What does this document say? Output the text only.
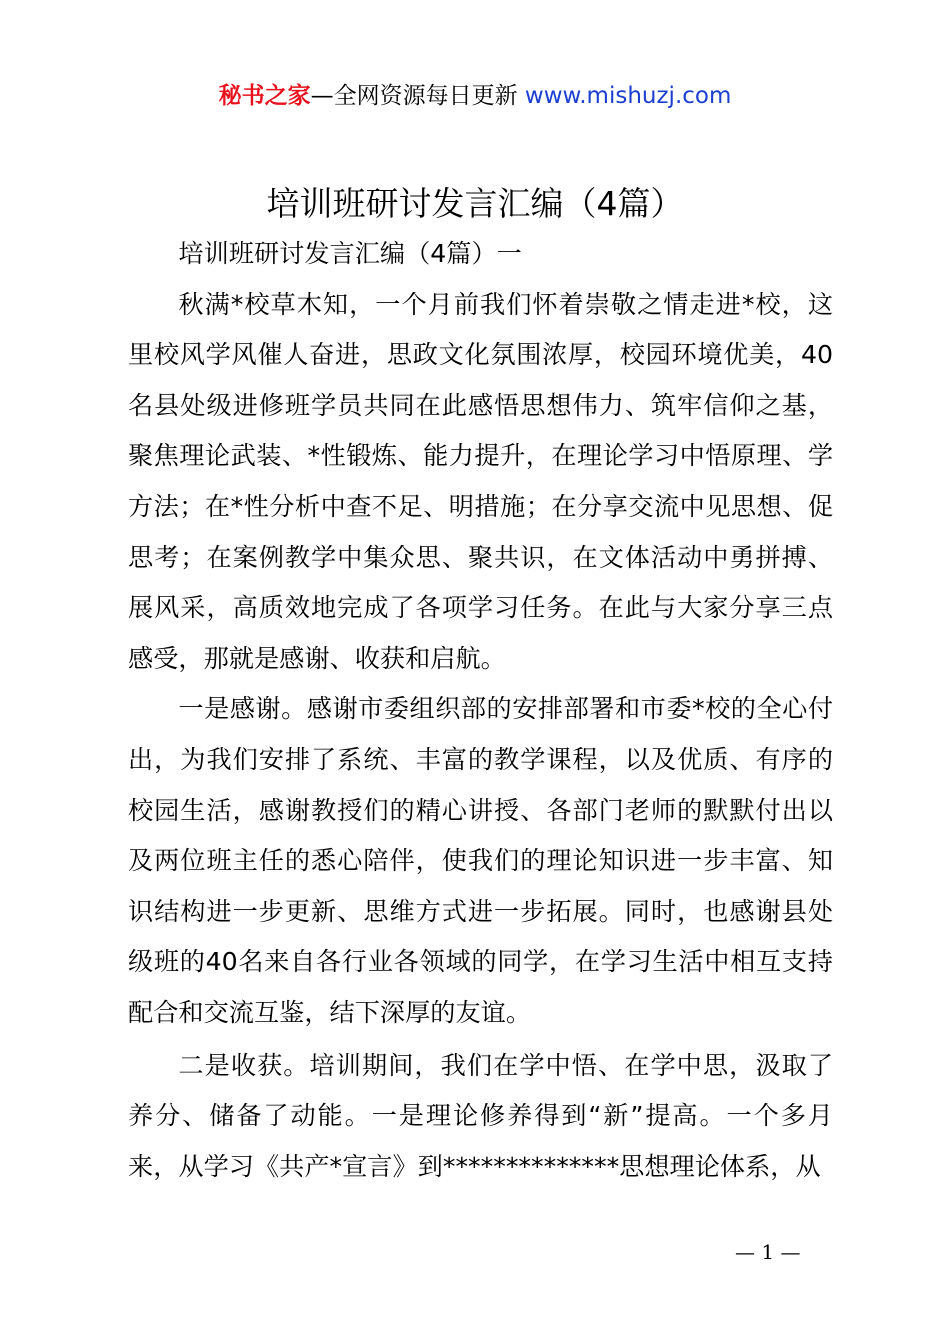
秘书之家—全网资源每日更新 www.mishuzj.com
培训班研讨发言汇编（4篇）

培训班研讨发言汇编（4篇）一

秋满*校草木知，一个月前我们怀着崇敬之情走进*校，这里校风学风催人奋进，思政文化氛围浓厚，校园环境优美，40名县处级进修班学员共同在此感悟思想伟力、筑牢信仰之基，聚焦理论武装、*性锻炼、能力提升，在理论学习中悟原理、学方法；在*性分析中查不足、明措施；在分享交流中见思想、促思考；在案例教学中集众思、聚共识，在文体活动中勇拼搏、展风采，高质效地完成了各项学习任务。在此与大家分享三点感受，那就是感谢、收获和启航。

一是感谢。感谢市委组织部的安排部署和市委*校的全心付出，为我们安排了系统、丰富的教学课程，以及优质、有序的校园生活，感谢教授们的精心讲授、各部门老师的默默付出以及两位班主任的悉心陪伴，使我们的理论知识进一步丰富、知识结构进一步更新、思维方式进一步拓展。同时，也感谢县处级班的40名来自各行业各领域的同学，在学习生活中相互支持配合和交流互鉴，结下深厚的友谊。

二是收获。培训期间，我们在学中悟、在学中思，汲取了养分、储备了动能。一是理论修养得到“新”提高。一个多月来，从学习《共产*宣言》到**************思想理论体系，从

— 1 —
